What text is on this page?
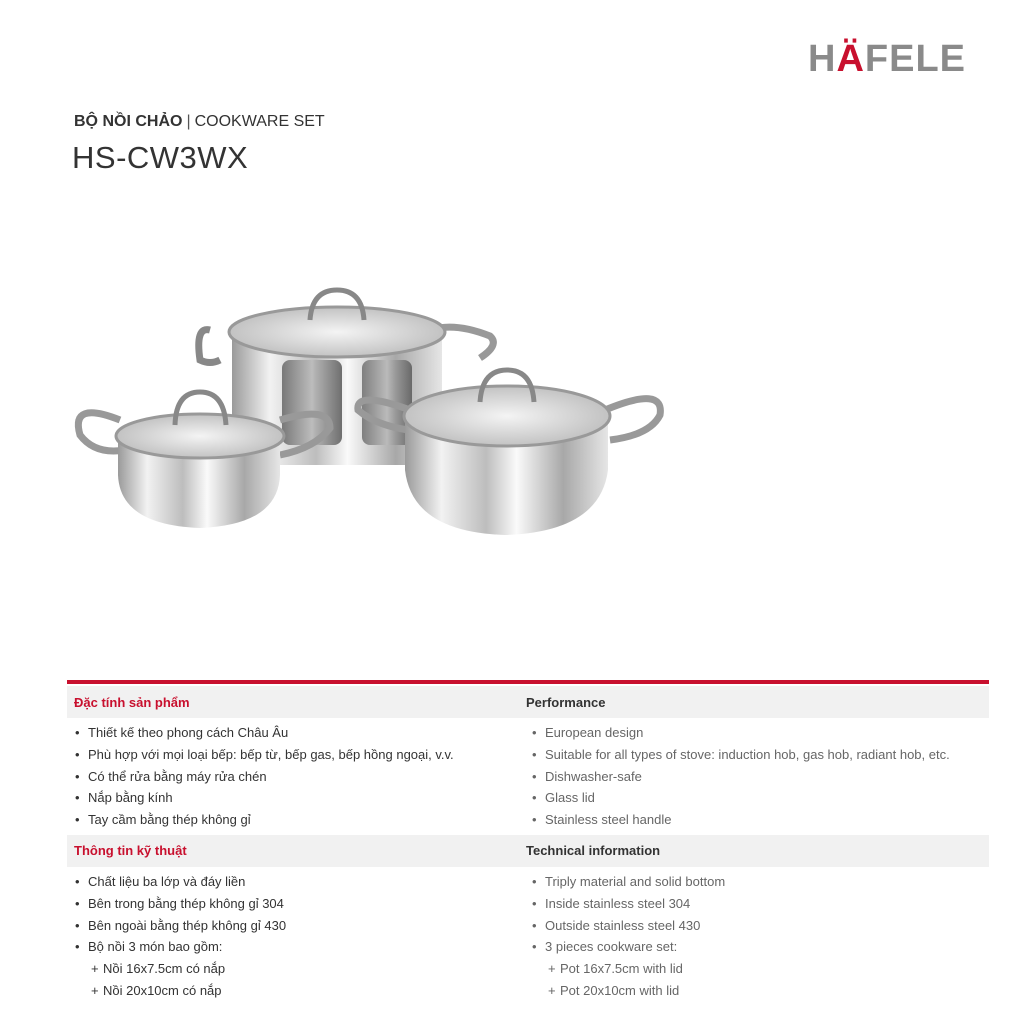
HÄFELE
BỘ NỒI CHẢO | COOKWARE SET
HS-CW3WX
Đặc tính sản phẩm	Performance
• Thiết kế theo phong cách Châu Âu
• Phù hợp với mọi loại bếp: bếp từ, bếp gas, bếp hồng ngoại, v.v.
• Có thể rửa bằng máy rửa chén
• Nắp bằng kính
• Tay cầm bằng thép không gỉ
• European design
• Suitable for all types of stove: induction hob, gas hob, radiant hob, etc.
• Dishwasher-safe
• Glass lid
• Stainless steel handle
Thông tin kỹ thuật	Technical information
• Chất liệu ba lớp và đáy liền
• Bên trong bằng thép không gỉ 304
• Bên ngoài bằng thép không gỉ 430
• Bộ nồi 3 món bao gồm:
+ Nồi 16x7.5cm có nắp
+ Nồi 20x10cm có nắp
• Triply material and solid bottom
• Inside stainless steel 304
• Outside stainless steel 430
• 3 pieces cookware set:
+ Pot 16x7.5cm with lid
+ Pot 20x10cm with lid
